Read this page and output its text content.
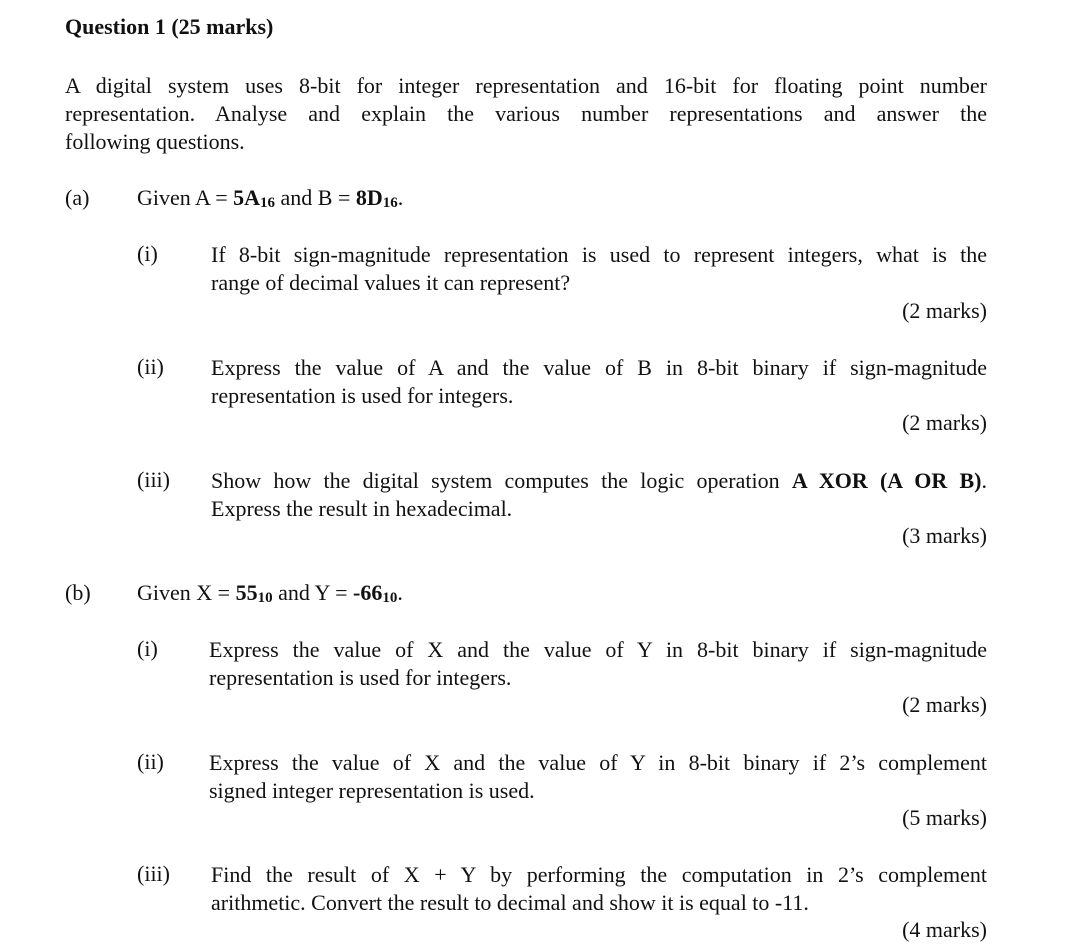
Question 1 (25 marks)
A digital system uses 8-bit for integer representation and 16-bit for floating point number
representation. Analyse and explain the various number representations and answer the
following questions.
(a) Given $A = 5A_{16}$ and $B = 8D_{16}$.
(i) If 8-bit sign-magnitude representation is used to represent integers, what is the
range of decimal values it can represent?
(2 marks)
(ii) Express the value of A and the value of B in 8-bit binary if sign-magnitude
representation is used for integers.
(2 marks)
(iii) Show how the digital system computes the logic operation A XOR (A OR B).
Express the result in hexadecimal.
(3 marks)
(b) Given $X = 55_{10}$ and $Y = -66_{10}$.
(i) Express the value of X and the value of Y in 8-bit binary if sign-magnitude
representation is used for integers.
(2 marks)
(ii) Express the value of X and the value of Y in 8-bit binary if 2’s complement
signed integer representation is used.
(5 marks)
(iii) Find the result of X + Y by performing the computation in 2’s complement
arithmetic. Convert the result to decimal and show it is equal to -11.
(4 marks)
